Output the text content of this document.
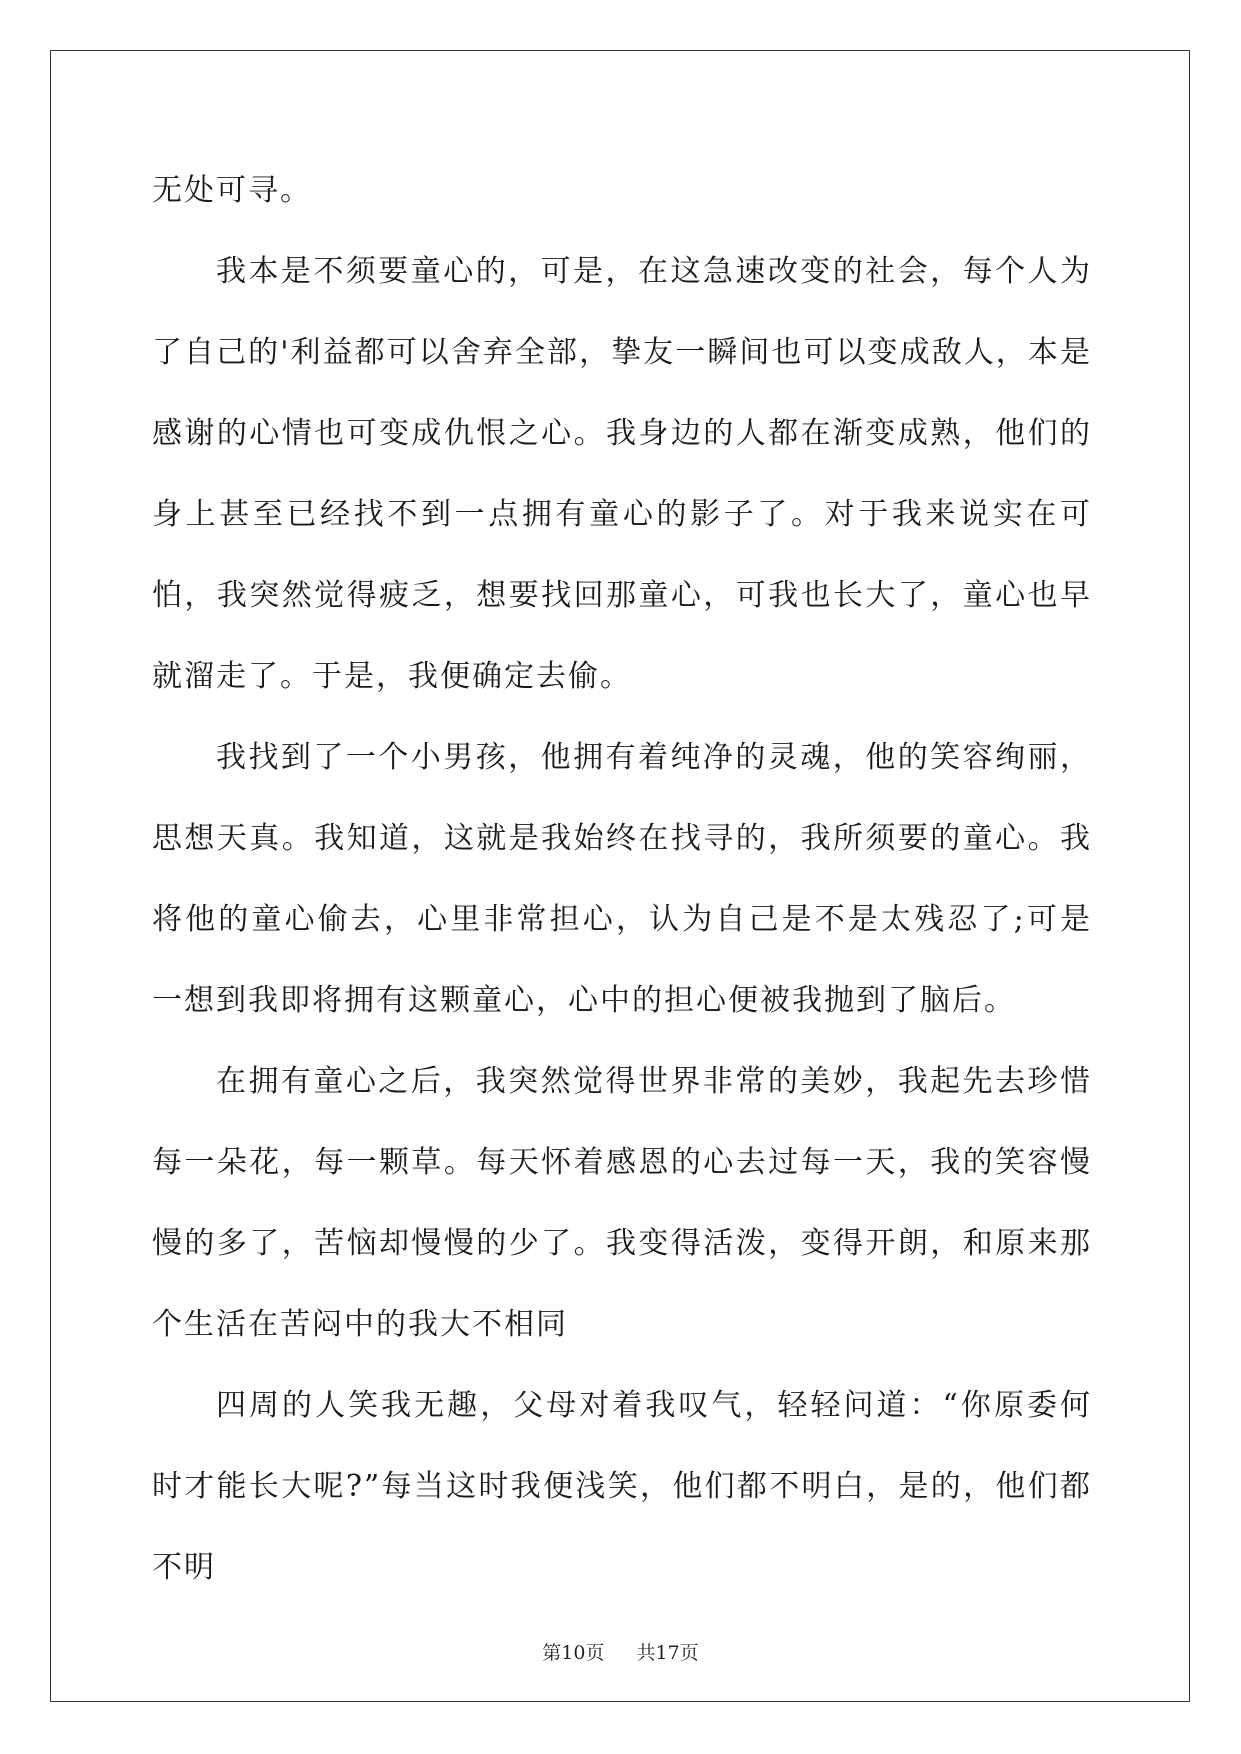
无处可寻。

我本是不须要童心的，可是，在这急速改变的社会，每个人为了自己的'利益都可以舍弃全部，挚友一瞬间也可以变成敌人，本是感谢的心情也可变成仇恨之心。我身边的人都在渐变成熟，他们的身上甚至已经找不到一点拥有童心的影子了。对于我来说实在可怕，我突然觉得疲乏，想要找回那童心，可我也长大了，童心也早就溜走了。于是，我便确定去偷。

我找到了一个小男孩，他拥有着纯净的灵魂，他的笑容绚丽，思想天真。我知道，这就是我始终在找寻的，我所须要的童心。我将他的童心偷去，心里非常担心，认为自己是不是太残忍了;可是一想到我即将拥有这颗童心，心中的担心便被我抛到了脑后。

在拥有童心之后，我突然觉得世界非常的美妙，我起先去珍惜每一朵花，每一颗草。每天怀着感恩的心去过每一天，我的笑容慢慢的多了，苦恼却慢慢的少了。我变得活泼，变得开朗，和原来那个生活在苦闷中的我大不相同

四周的人笑我无趣，父母对着我叹气，轻轻问道：“你原委何时才能长大呢?”每当这时我便浅笑，他们都不明白，是的，他们都不明

第10页 共17页
